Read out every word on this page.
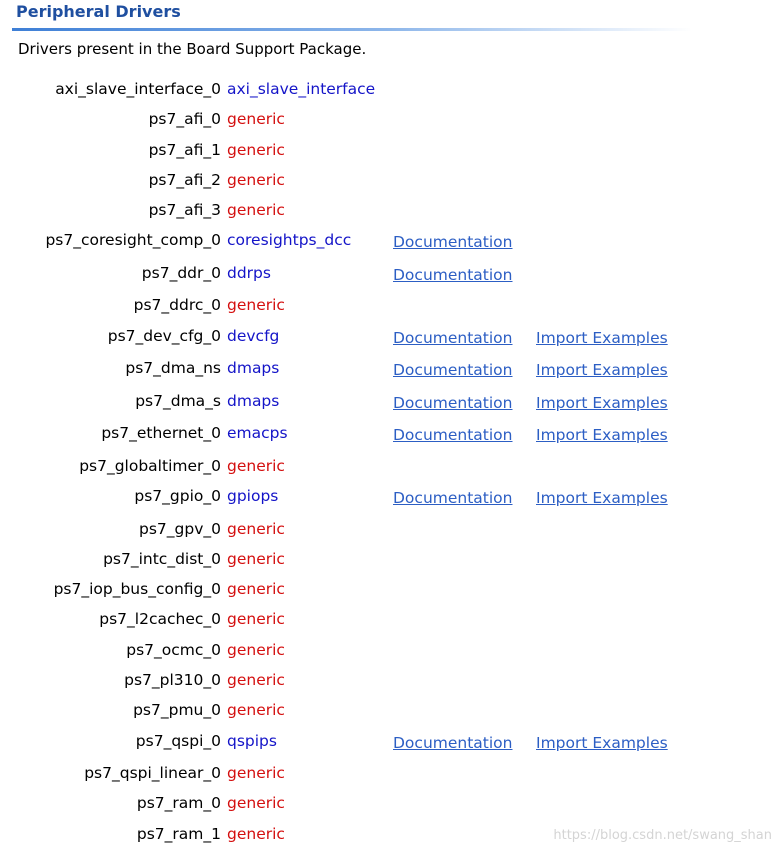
Peripheral Drivers
Drivers present in the Board Support Package.
axi_slave_interface_0 axi_slave_interface
ps7_afi_0 generic
ps7_afi_1 generic
ps7_afi_2 generic
ps7_afi_3 generic
ps7_coresight_comp_0 coresightps_dcc	Documentation
ps7_ddr_0 ddrps	Documentation
ps7_ddrc_0 generic
ps7_dev_cfg_0 devcfg	Documentation Import Examples
ps7_dma_ns dmaps	Documentation Import Examples
ps7_dma_s dmaps	Documentation Import Examples
ps7_ethernet_0 emacps	Documentation Import Examples
ps7_globaltimer_0 generic
ps7_gpio_0 gpiops	Documentation Import Examples
ps7_gpv_0 generic
ps7_intc_dist_0 generic
ps7_iop_bus_config_0 generic
ps7_l2cachec_0 generic
ps7_ocmc_0 generic
ps7_pl310_0 generic
ps7_pmu_0 generic
ps7_qspi_0 qspips	Documentation Import Examples
ps7_qspi_linear_0 generic
ps7_ram_0 generic
ps7_ram_1 generic	https://blog.csdn.net/swang_shan
